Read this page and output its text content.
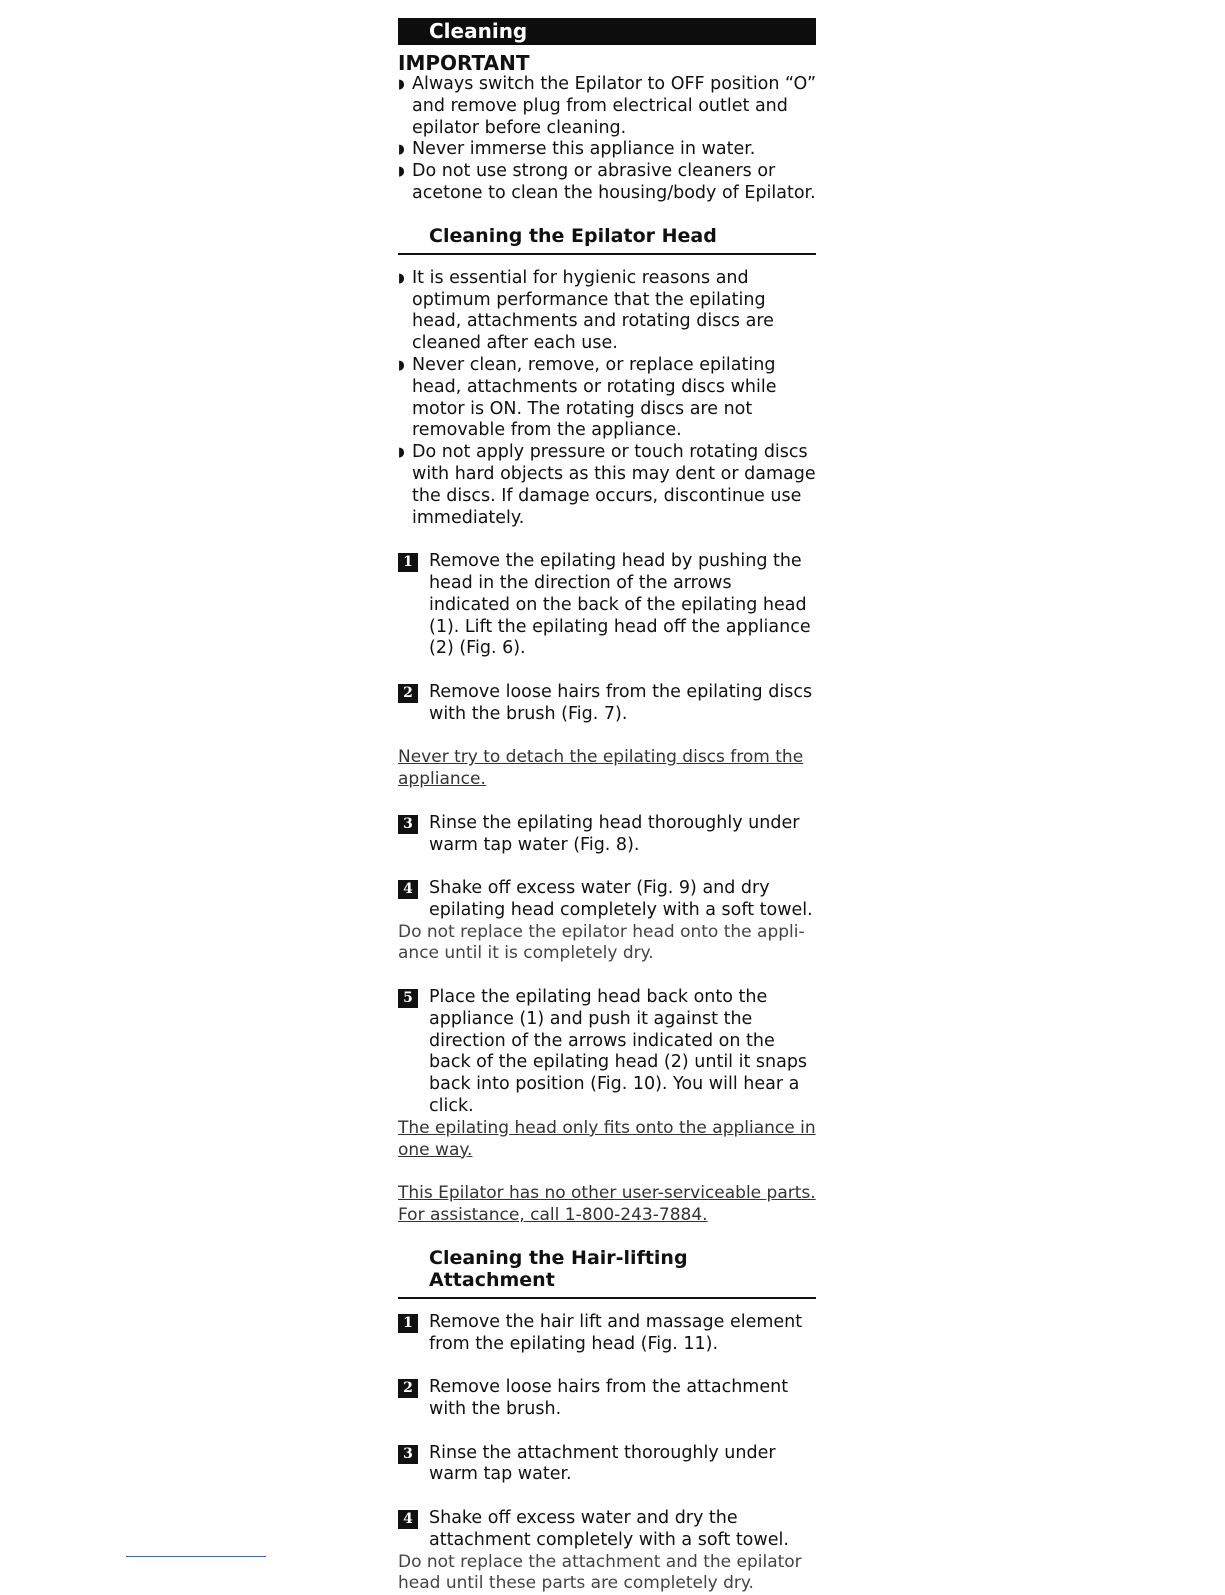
Cleaning
IMPORTANT
◗ Always switch the Epilator to OFF position “O” and remove plug from electrical outlet and epilator before cleaning.
◗ Never immerse this appliance in water.
◗ Do not use strong or abrasive cleaners or acetone to clean the housing/body of Epilator.
Cleaning the Epilator Head
◗ It is essential for hygienic reasons and optimum performance that the epilating head, attachments and rotating discs are cleaned after each use.
◗ Never clean, remove, or replace epilating head, attachments or rotating discs while motor is ON. The rotating discs are not removable from the appliance.
◗ Do not apply pressure or touch rotating discs with hard objects as this may dent or damage the discs. If damage occurs, discontinue use immediately.
1 Remove the epilating head by pushing the head in the direction of the arrows indicated on the back of the epilating head (1). Lift the epilating head off the appliance (2) (Fig. 6).
2 Remove loose hairs from the epilating discs with the brush (Fig. 7).

Never try to detach the epilating discs from the appliance.

3 Rinse the epilating head thoroughly under warm tap water (Fig. 8).
4 Shake off excess water (Fig. 9) and dry epilating head completely with a soft towel.

Do not replace the epilator head onto the appli- ance until it is completely dry.

5 Place the epilating head back onto the appliance (1) and push it against the direction of the arrows indicated on the back of the epilating head (2) until it snaps back into position (Fig. 10). You will hear a click.

The epilating head only fits onto the appliance in one way.

This Epilator has no other user-serviceable parts. For assistance, call 1-800-243-7884.

Cleaning the Hair-lifting Attachment
1 Remove the hair lift and massage element from the epilating head (Fig. 11).
2 Remove loose hairs from the attachment with the brush.
3 Rinse the attachment thoroughly under warm tap water.
4 Shake off excess water and dry the attachment completely with a soft towel.

Do not replace the attachment and the epilator head until these parts are completely dry.
